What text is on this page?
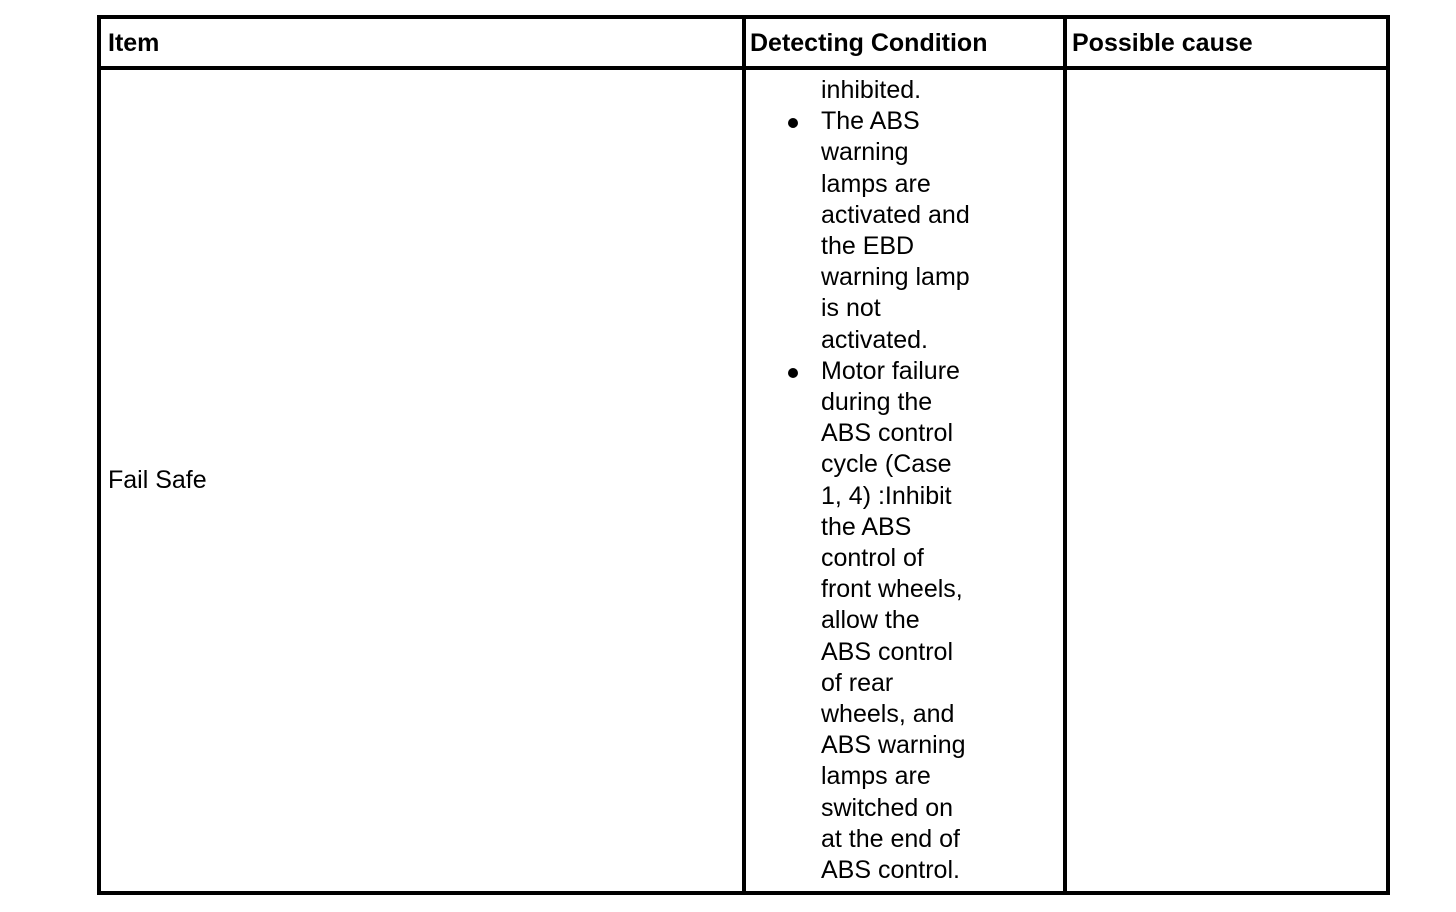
Item	Detecting Condition	Possible cause
Fail Safe
inhibited.
The ABS
warning
lamps are
activated and
the EBD
warning lamp
is not
activated.
Motor failure
during the
ABS control
cycle (Case
1, 4) :Inhibit
the ABS
control of
front wheels,
allow the
ABS control
of rear
wheels, and
ABS warning
lamps are
switched on
at the end of
ABS control.
